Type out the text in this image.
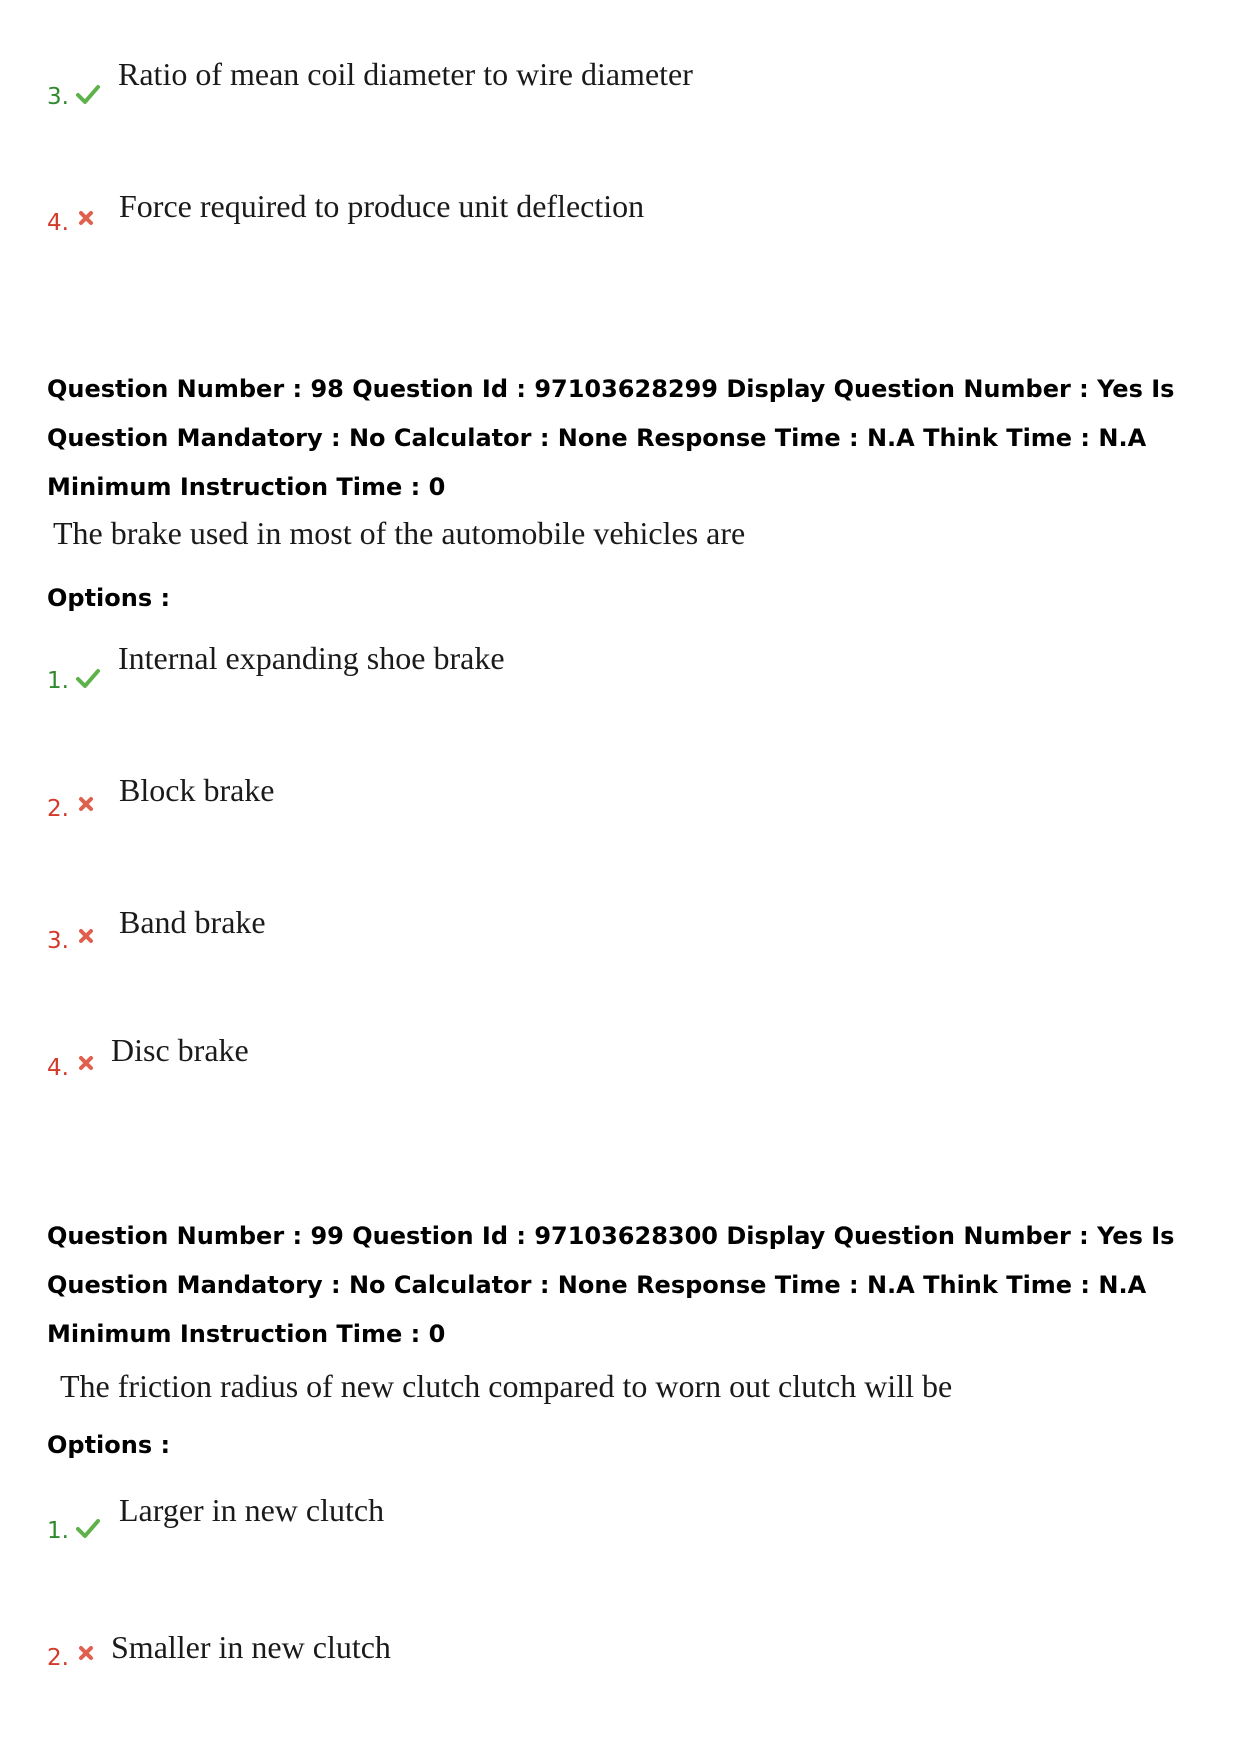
3.
Ratio of mean coil diameter to wire diameter
4. Force required to produce unit deflection
Question Number : 98 Question Id : 97103628299 Display Question Number : Yes Is Question Mandatory : No Calculator : None Response Time : N.A Think Time : N.A Minimum Instruction Time : 0
The brake used in most of the automobile vehicles are
Options :
1.
Internal expanding shoe brake
2.
Block brake
3.
Band brake
4. Disc brake
Question Number : 99 Question Id : 97103628300 Display Question Number : Yes Is Question Mandatory : No Calculator : None Response Time : N.A Think Time : N.A Minimum Instruction Time : 0
The friction radius of new clutch compared to worn out clutch will be
Options :
1.
Larger in new clutch
2. Smaller in new clutch
